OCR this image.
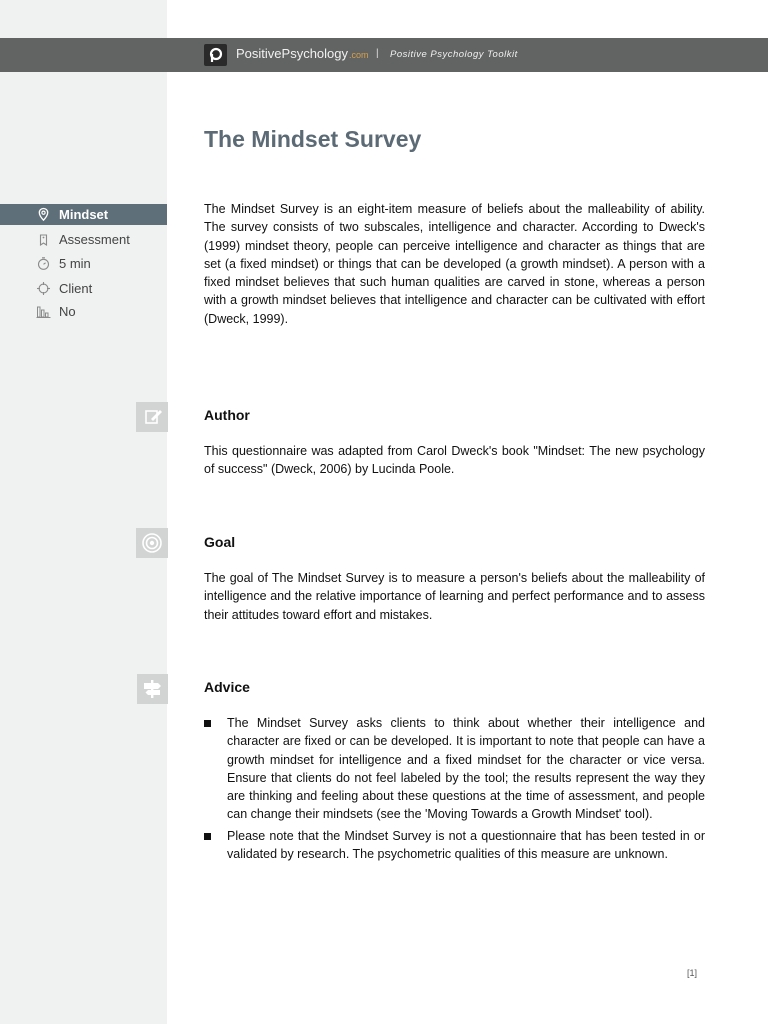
PositivePsychology.com | Positive Psychology Toolkit
The Mindset Survey
Mindset
Assessment
5 min
Client
No

The Mindset Survey is an eight-item measure of beliefs about the malleability of ability. The survey consists of two subscales, intelligence and character. According to Dweck's (1999) mindset theory, people can perceive intelligence and character as things that are set (a fixed mindset) or things that can be developed (a growth mindset). A person with a fixed mindset believes that such human qualities are carved in stone, whereas a person with a growth mindset believes that intelligence and character can be cultivated with effort (Dweck, 1999).

Author

This questionnaire was adapted from Carol Dweck's book "Mindset: The new psychology of success" (Dweck, 2006) by Lucinda Poole.

Goal

The goal of The Mindset Survey is to measure a person's beliefs about the malleability of intelligence and the relative importance of learning and perfect performance and to assess their attitudes toward effort and mistakes.

Advice
The Mindset Survey asks clients to think about whether their intelligence and character are fixed or can be developed. It is important to note that people can have a growth mindset for intelligence and a fixed mindset for the character or vice versa. Ensure that clients do not feel labeled by the tool; the results represent the way they are thinking and feeling about these questions at the time of assessment, and people can change their mindsets (see the 'Moving Towards a Growth Mindset' tool).
Please note that the Mindset Survey is not a questionnaire that has been tested in or validated by research. The psychometric qualities of this measure are unknown.
[1]
